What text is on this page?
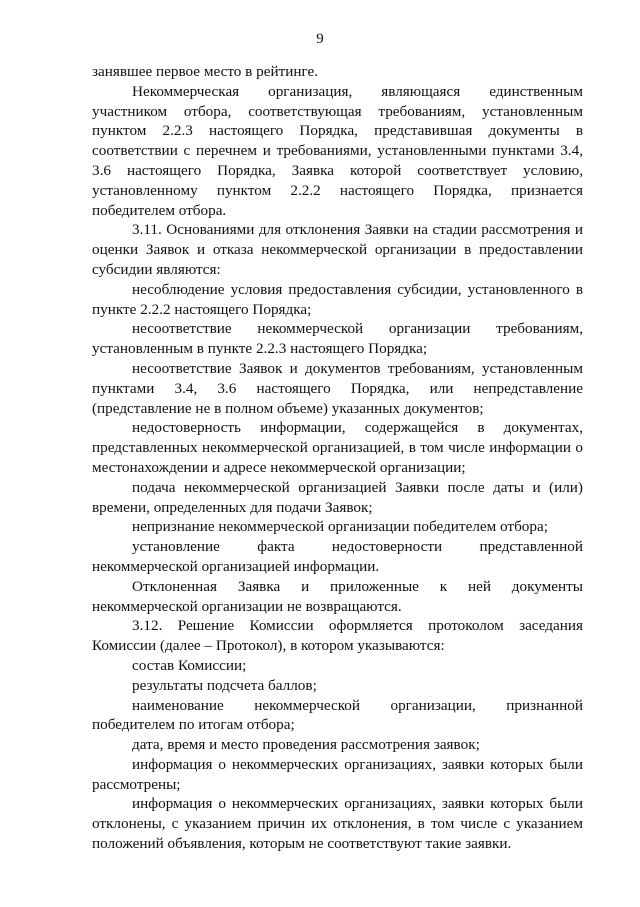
9

занявшее первое место в рейтинге.

Некоммерческая организация, являющаяся единственным участником отбора, соответствующая требованиям, установленным пунктом 2.2.3 настоящего Порядка, представившая документы в соответствии с перечнем и требованиями, установленными пунктами 3.4, 3.6 настоящего Порядка, Заявка которой соответствует условию, установленному пунктом 2.2.2 настоящего Порядка, признается победителем отбора.

3.11. Основаниями для отклонения Заявки на стадии рассмотрения и оценки Заявок и отказа некоммерческой организации в предоставлении субсидии являются:

несоблюдение условия предоставления субсидии, установленного в пункте 2.2.2 настоящего Порядка;

несоответствие некоммерческой организации требованиям, установленным в пункте 2.2.3 настоящего Порядка;

несоответствие Заявок и документов требованиям, установленным пунктами 3.4, 3.6 настоящего Порядка, или непредставление (представление не в полном объеме) указанных документов;

недостоверность информации, содержащейся в документах, представленных некоммерческой организацией, в том числе информации о местонахождении и адресе некоммерческой организации;

подача некоммерческой организацией Заявки после даты и (или) времени, определенных для подачи Заявок;

непризнание некоммерческой организации победителем отбора;

установление факта недостоверности представленной некоммерческой организацией информации.

Отклоненная Заявка и приложенные к ней документы некоммерческой организации не возвращаются.

3.12. Решение Комиссии оформляется протоколом заседания Комиссии (далее – Протокол), в котором указываются:

состав Комиссии;

результаты подсчета баллов;

наименование некоммерческой организации, признанной победителем по итогам отбора;

дата, время и место проведения рассмотрения заявок;

информация о некоммерческих организациях, заявки которых были рассмотрены;

информация о некоммерческих организациях, заявки которых были отклонены, с указанием причин их отклонения, в том числе с указанием положений объявления, которым не соответствуют такие заявки.
